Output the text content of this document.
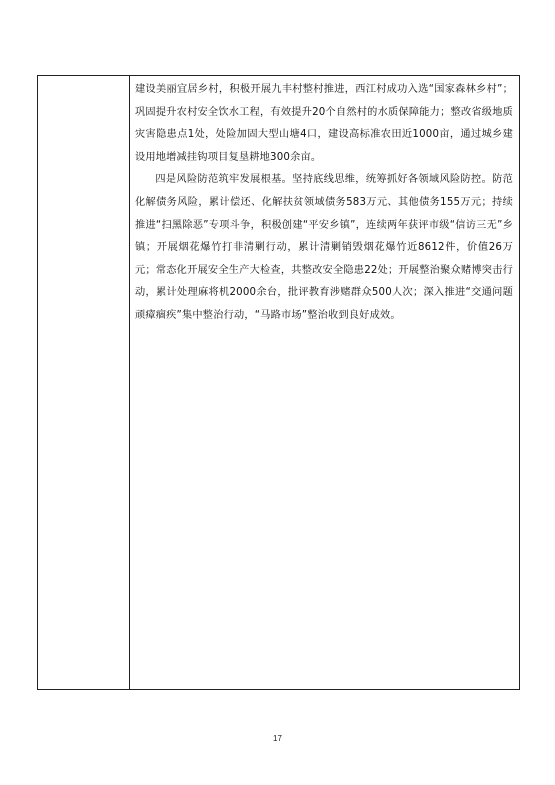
建设美丽宜居乡村，积极开展九丰村整村推进，西江村成功入选“国家森林乡村”；巩固提升农村安全饮水工程，有效提升20个自然村的水质保障能力；整改省级地质灾害隐患点1处，处险加固大型山塘4口，建设高标准农田近1000亩，通过城乡建设用地增减挂钩项目复垦耕地300余亩。

四是风险防范筑牢发展根基。坚持底线思维，统筹抓好各领域风险防控。防范化解债务风险，累计偿还、化解扶贫领域债务583万元、其他债务155万元；持续推进“扫黑除恶”专项斗争，积极创建“平安乡镇”，连续两年获评市级“信访三无”乡镇；开展烟花爆竹打非清剿行动，累计清剿销毁烟花爆竹近8612件，价值26万元；常态化开展安全生产大检查，共整改安全隐患22处；开展整治聚众赌博突击行动，累计处理麻将机2000余台，批评教育涉赌群众500人次；深入推进“交通问题顽瘴痼疾”集中整治行动，“马路市场”整治收到良好成效。

17
